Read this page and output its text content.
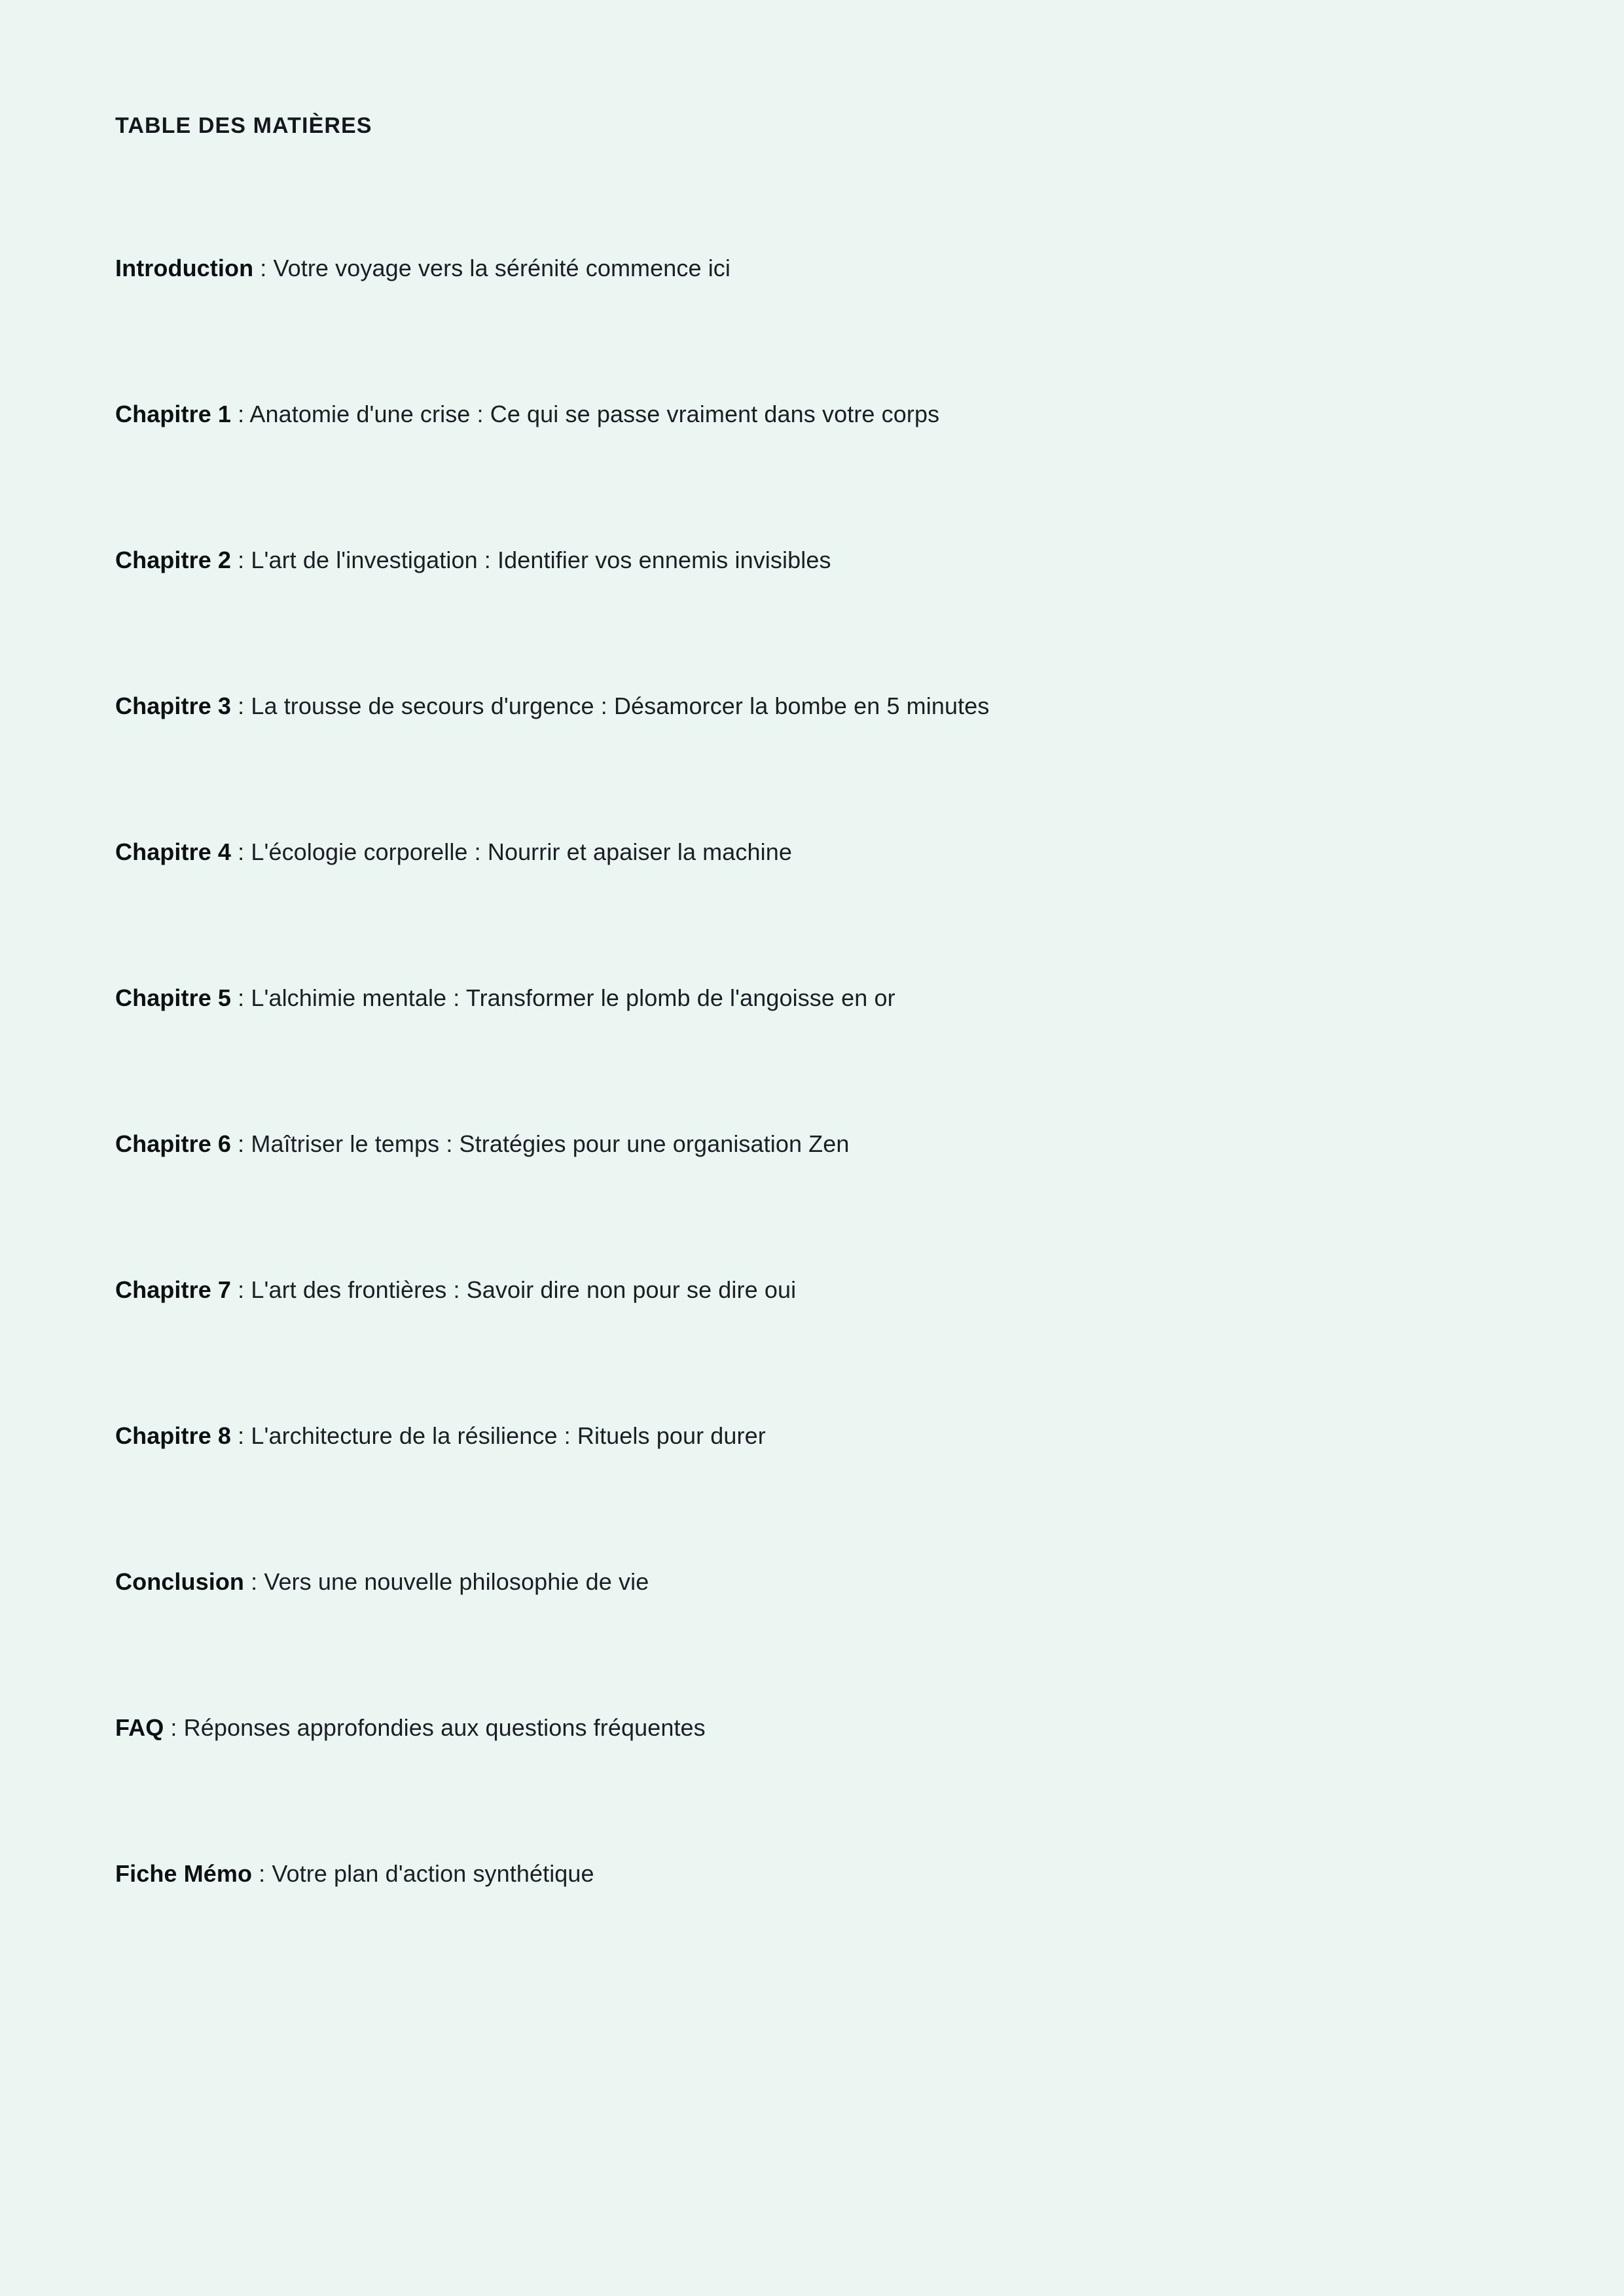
TABLE DES MATIÈRES
Introduction : Votre voyage vers la sérénité commence ici
Chapitre 1 : Anatomie d'une crise : Ce qui se passe vraiment dans votre corps
Chapitre 2 : L'art de l'investigation : Identifier vos ennemis invisibles
Chapitre 3 : La trousse de secours d'urgence : Désamorcer la bombe en 5 minutes
Chapitre 4 : L'écologie corporelle : Nourrir et apaiser la machine
Chapitre 5 : L'alchimie mentale : Transformer le plomb de l'angoisse en or
Chapitre 6 : Maîtriser le temps : Stratégies pour une organisation Zen
Chapitre 7 : L'art des frontières : Savoir dire non pour se dire oui
Chapitre 8 : L'architecture de la résilience : Rituels pour durer
Conclusion : Vers une nouvelle philosophie de vie
FAQ : Réponses approfondies aux questions fréquentes
Fiche Mémo : Votre plan d'action synthétique
